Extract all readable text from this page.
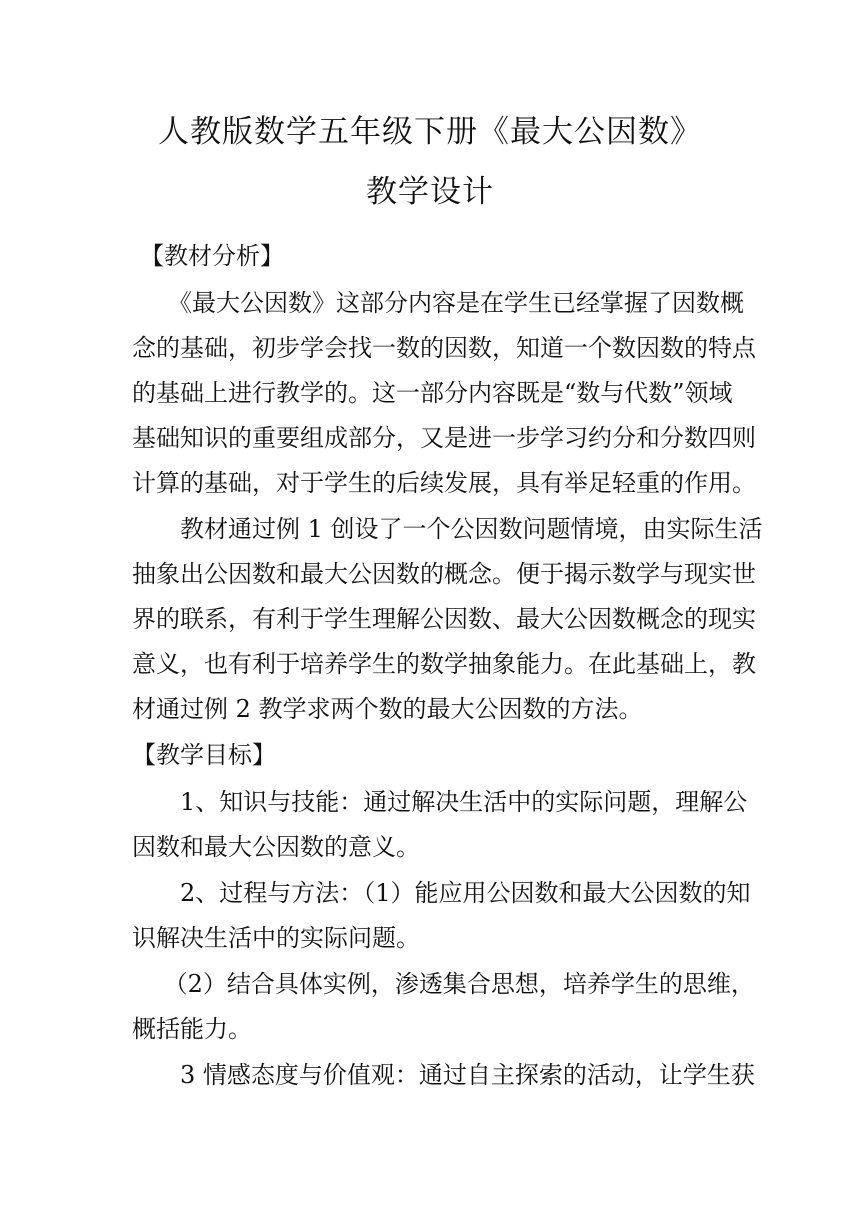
人教版数学五年级下册《最大公因数》
教学设计
【教材分析】
　　《最大公因数》这部分内容是在学生已经掌握了因数概
念的基础，初步学会找一数的因数，知道一个数因数的特点
的基础上进行教学的。这一部分内容既是“数与代数”领域
基础知识的重要组成部分，又是进一步学习约分和分数四则
计算的基础，对于学生的后续发展，具有举足轻重的作用。
　　教材通过例 1 创设了一个公因数问题情境，由实际生活
抽象出公因数和最大公因数的概念。便于揭示数学与现实世
界的联系，有利于学生理解公因数、最大公因数概念的现实
意义，也有利于培养学生的数学抽象能力。在此基础上，教
材通过例 2 教学求两个数的最大公因数的方法。
【教学目标】
　　1、知识与技能：通过解决生活中的实际问题，理解公
因数和最大公因数的意义。
　　2、过程与方法：（1）能应用公因数和最大公因数的知
识解决生活中的实际问题。
　 （2）结合具体实例，渗透集合思想，培养学生的思维，
概括能力。
　　3 情感态度与价值观：通过自主探索的活动，让学生获
